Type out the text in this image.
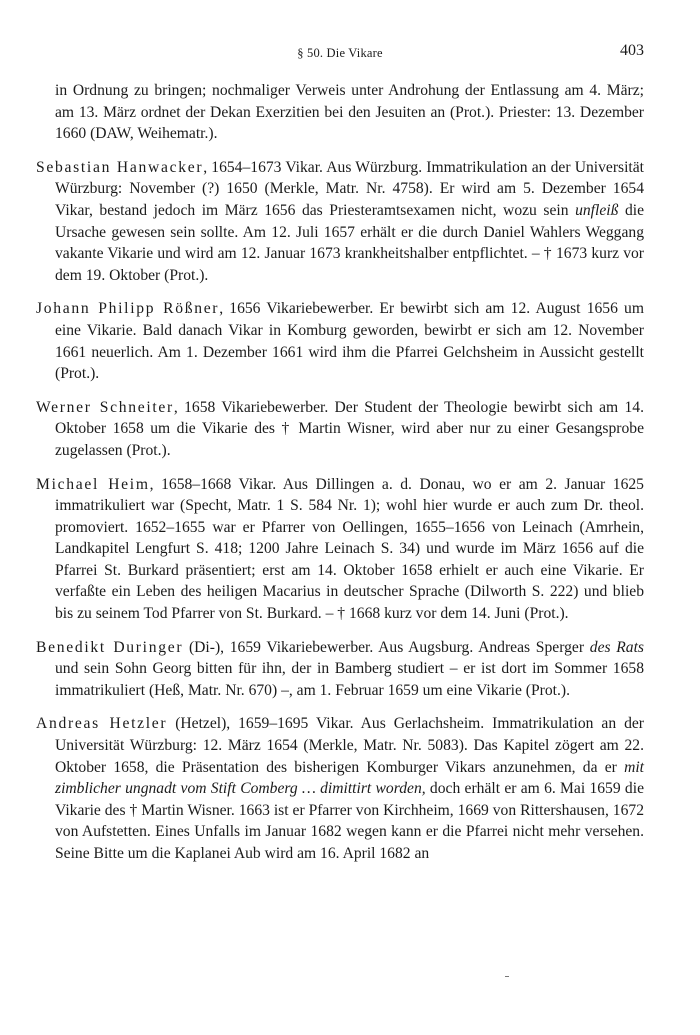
§ 50. Die Vikare	403

in Ordnung zu bringen; nochmaliger Verweis unter Androhung der Entlassung am 4. März; am 13. März ordnet der Dekan Exerzitien bei den Jesuiten an (Prot.). Priester: 13. Dezember 1660 (DAW, Weihematr.).

Sebastian Hanwacker, 1654–1673 Vikar. Aus Würzburg. Immatrikulation an der Universität Würzburg: November (?) 1650 (Merkle, Matr. Nr. 4758). Er wird am 5. Dezember 1654 Vikar, bestand jedoch im März 1656 das Priesteramtsexamen nicht, wozu sein unfleiß die Ursache gewesen sein sollte. Am 12. Juli 1657 erhält er die durch Daniel Wahlers Weggang vakante Vikarie und wird am 12. Januar 1673 krankheitshalber entpflichtet. – † 1673 kurz vor dem 19. Oktober (Prot.).

Johann Philipp Rößner, 1656 Vikariebewerber. Er bewirbt sich am 12. August 1656 um eine Vikarie. Bald danach Vikar in Komburg geworden, bewirbt er sich am 12. November 1661 neuerlich. Am 1. Dezember 1661 wird ihm die Pfarrei Gelchsheim in Aussicht gestellt (Prot.).

Werner Schneiter, 1658 Vikariebewerber. Der Student der Theologie bewirbt sich am 14. Oktober 1658 um die Vikarie des † Martin Wisner, wird aber nur zu einer Gesangsprobe zugelassen (Prot.).

Michael Heim, 1658–1668 Vikar. Aus Dillingen a. d. Donau, wo er am 2. Januar 1625 immatrikuliert war (Specht, Matr. 1 S. 584 Nr. 1); wohl hier wurde er auch zum Dr. theol. promoviert. 1652–1655 war er Pfarrer von Oellingen, 1655–1656 von Leinach (Amrhein, Landkapitel Lengfurt S. 418; 1200 Jahre Leinach S. 34) und wurde im März 1656 auf die Pfarrei St. Burkard präsentiert; erst am 14. Oktober 1658 erhielt er auch eine Vikarie. Er verfaßte ein Leben des heiligen Macarius in deutscher Sprache (Dilworth S. 222) und blieb bis zu seinem Tod Pfarrer von St. Burkard. – † 1668 kurz vor dem 14. Juni (Prot.).

Benedikt Duringer (Di-), 1659 Vikariebewerber. Aus Augsburg. Andreas Sperger des Rats und sein Sohn Georg bitten für ihn, der in Bamberg studiert – er ist dort im Sommer 1658 immatrikuliert (Heß, Matr. Nr. 670) –, am 1. Februar 1659 um eine Vikarie (Prot.).

Andreas Hetzler (Hetzel), 1659–1695 Vikar. Aus Gerlachsheim. Immatrikulation an der Universität Würzburg: 12. März 1654 (Merkle, Matr. Nr. 5083). Das Kapitel zögert am 22. Oktober 1658, die Präsentation des bisherigen Komburger Vikars anzunehmen, da er mit zimblicher ungnadt vom Stift Comberg … dimittirt worden, doch erhält er am 6. Mai 1659 die Vikarie des † Martin Wisner. 1663 ist er Pfarrer von Kirchheim, 1669 von Rittershausen, 1672 von Aufstetten. Eines Unfalls im Januar 1682 wegen kann er die Pfarrei nicht mehr versehen. Seine Bitte um die Kaplanei Aub wird am 16. April 1682 an
